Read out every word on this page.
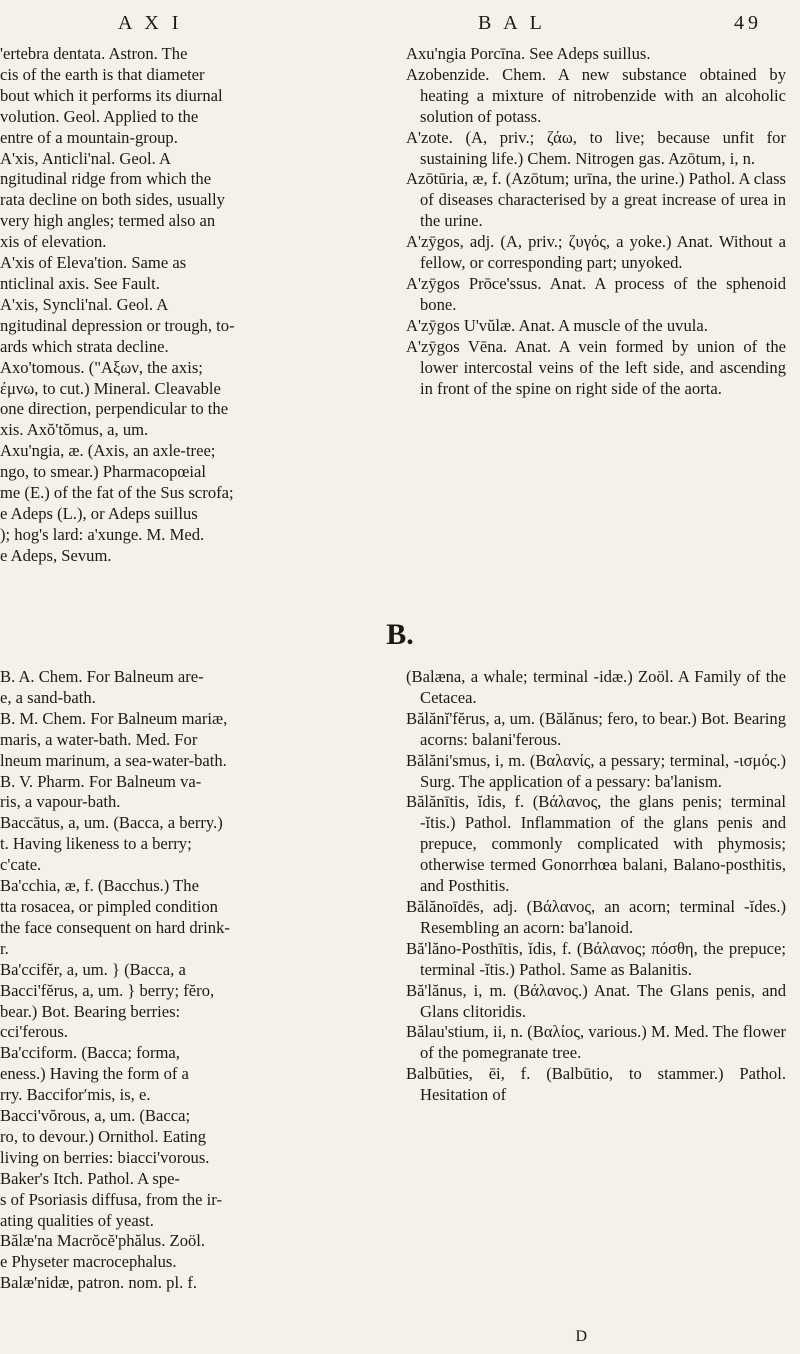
A X I	B A L	49

'ertebra dentata. Astron. The

cis of the earth is that diameter

bout which it performs its diurnal

volution. Geol. Applied to the

entre of a mountain-group.

A'xis, Anticli'nal. Geol. A

ngitudinal ridge from which the

rata decline on both sides, usually

very high angles; termed also an

xis of elevation.

A'xis of Eleva'tion. Same as

nticlinal axis. See Fault.

A'xis, Syncli'nal. Geol. A

ngitudinal depression or trough, to-

ards which strata decline.

Axo'tomous. ("Aξων, the axis;

έμνω, to cut.) Mineral. Cleavable

one direction, perpendicular to the

xis. Axŏ'tŏmus, a, um.

Axu'ngia, æ. (Axis, an axle-tree;

ngo, to smear.) Pharmacopœial

me (E.) of the fat of the Sus scrofa;

e Adeps (L.), or Adeps suillus

); hog's lard: a'xunge. M. Med.

e Adeps, Sevum.

Axu'ngia Porcīna. See Adeps suillus.

Azobenzide. Chem. A new substance obtained by heating a mixture of nitrobenzide with an alcoholic solution of potass.

A'zote. (A, priv.; ζάω, to live; because unfit for sustaining life.) Chem. Nitrogen gas. Azōtum, i, n.

Azōtūria, æ, f. (Azōtum; urīna, the urine.) Pathol. A class of diseases characterised by a great increase of urea in the urine.

A'zȳgos, adj. (A, priv.; ζυγός, a yoke.) Anat. Without a fellow, or corresponding part; unyoked.

A'zȳgos Prōce'ssus. Anat. A process of the sphenoid bone.

A'zȳgos U'vŭlæ. Anat. A muscle of the uvula.

A'zȳgos Vēna. Anat. A vein formed by union of the lower intercostal veins of the left side, and ascending in front of the spine on right side of the aorta.

B.

B. A. Chem. For Balneum are-

e, a sand-bath.

B. M. Chem. For Balneum mariæ,

maris, a water-bath. Med. For

lneum marinum, a sea-water-bath.

B. V. Pharm. For Balneum va-

ris, a vapour-bath.

Baccātus, a, um. (Bacca, a berry.)

t. Having likeness to a berry;

c'cate.

Ba'cchia, æ, f. (Bacchus.) The

tta rosacea, or pimpled condition

the face consequent on hard drink-

r.

Ba'ccifĕr, a, um. } (Bacca, a

Bacci'fĕrus, a, um. } berry; fĕro,

bear.) Bot. Bearing berries:

cci'ferous.

Ba'cciform. (Bacca; forma,

eness.) Having the form of a

rry. Bacciforʹmis, is, e.

Bacci'vŏrous, a, um. (Bacca;

ro, to devour.) Ornithol. Eating

living on berries: biacci'vorous.

Baker's Itch. Pathol. A spe-

s of Psoriasis diffusa, from the ir-

ating qualities of yeast.

Bălæ'na Macrŏcĕ'phălus. Zoöl.

e Physeter macrocephalus.

Balæ'nidæ, patron. nom. pl. f.

(Balæna, a whale; terminal -idæ.) Zoöl. A Family of the Cetacea.

Bălănĭ'fĕrus, a, um. (Bălănus; fero, to bear.) Bot. Bearing acorns: balani'ferous.

Bălăni'smus, i, m. (Βαλανίς, a pessary; terminal, -ισμός.) Surg. The application of a pessary: ba'lanism.

Bălănītis, ĭdis, f. (Βάλανος, the glans penis; terminal -ĭtis.) Pathol. Inflammation of the glans penis and prepuce, commonly complicated with phymosis; otherwise termed Gonorrhœa balani, Balano-posthitis, and Posthitis.

Bălănoīdēs, adj. (Βάλανος, an acorn; terminal -ĭdes.) Resembling an acorn: ba'lanoid.

Bă'lăno-Posthītis, ĭdis, f. (Βάλανος; πόσθη, the prepuce; terminal -ĭtis.) Pathol. Same as Balanitis.

Bă'lănus, i, m. (Βάλανος.) Anat. The Glans penis, and Glans clitoridis.

Bălau'stium, ii, n. (Βαλίος, various.) M. Med. The flower of the pomegranate tree.

Balbūties, ēi, f. (Balbūtio, to stammer.) Pathol. Hesitation of

D
